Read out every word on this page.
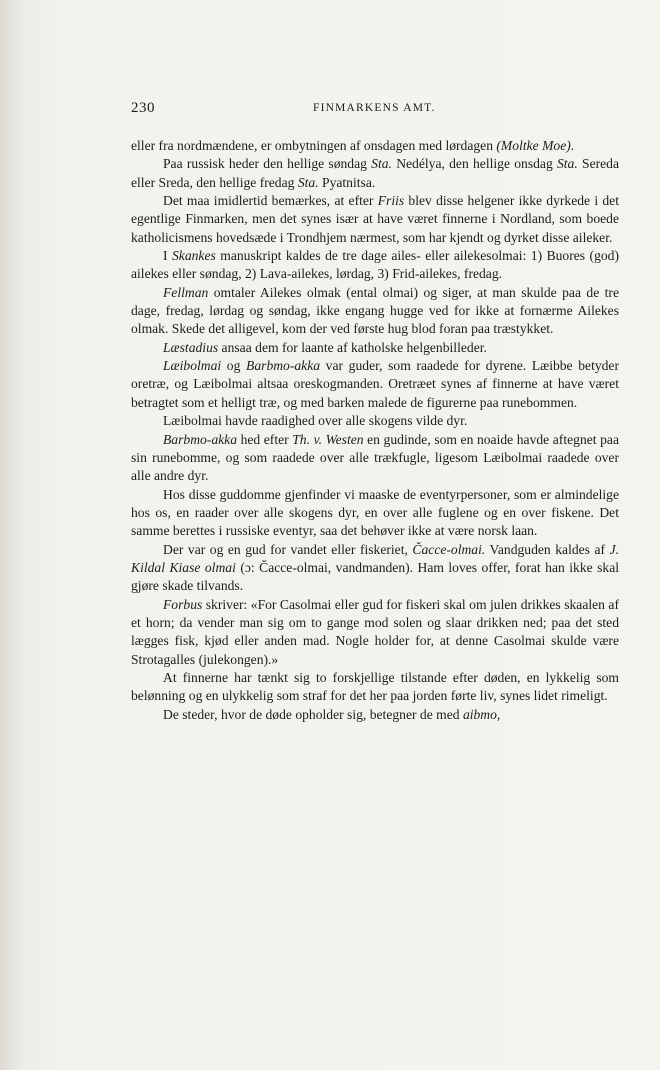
230	FINMARKENS AMT.

eller fra nordmændene, er ombytningen af onsdagen med lørdagen (Moltke Moe).

Paa russisk heder den hellige søndag Sta. Nedélya, den hellige onsdag Sta. Sereda eller Sreda, den hellige fredag Sta. Pyatnitsa.

Det maa imidlertid bemærkes, at efter Friis blev disse helgener ikke dyrkede i det egentlige Finmarken, men det synes især at have været finnerne i Nordland, som boede katholicismens hovedsæde i Trondhjem nærmest, som har kjendt og dyrket disse aileker.

I Skankes manuskript kaldes de tre dage ailes- eller ailekesolmai: 1) Buores (god) ailekes eller søndag, 2) Lava-ailekes, lørdag, 3) Frid-ailekes, fredag.

Fellman omtaler Ailekes olmak (ental olmai) og siger, at man skulde paa de tre dage, fredag, lørdag og søndag, ikke engang hugge ved for ikke at fornærme Ailekes olmak. Skede det alligevel, kom der ved første hug blod foran paa træstykket.

Læstadius ansaa dem for laante af katholske helgenbilleder.

Læibolmai og Barbmo-akka var guder, som raadede for dyrene. Læibbe betyder oretræ, og Læibolmai altsaa oreskogmanden. Oretræet synes af finnerne at have været betragtet som et helligt træ, og med barken malede de figurerne paa runebommen.

Læibolmai havde raadighed over alle skogens vilde dyr.

Barbmo-akka hed efter Th. v. Westen en gudinde, som en noaide havde aftegnet paa sin runebomme, og som raadede over alle trækfugle, ligesom Læibolmai raadede over alle andre dyr.

Hos disse guddomme gjenfinder vi maaske de eventyrpersoner, som er almindelige hos os, en raader over alle skogens dyr, en over alle fuglene og en over fiskene. Det samme berettes i russiske eventyr, saa det behøver ikke at være norsk laan.

Der var og en gud for vandet eller fiskeriet, Čacce-olmai. Vandguden kaldes af J. Kildal Kiase olmai (ɔ: Čacce-olmai, vandmanden). Ham loves offer, forat han ikke skal gjøre skade tilvands.

Forbus skriver: «For Casolmai eller gud for fiskeri skal om julen drikkes skaalen af et horn; da vender man sig om to gange mod solen og slaar drikken ned; paa det sted lægges fisk, kjød eller anden mad. Nogle holder for, at denne Casolmai skulde være Strotagalles (julekongen).»

At finnerne har tænkt sig to forskjellige tilstande efter døden, en lykkelig som belønning og en ulykkelig som straf for det her paa jorden førte liv, synes lidet rimeligt.

De steder, hvor de døde opholder sig, betegner de med aibmo,
